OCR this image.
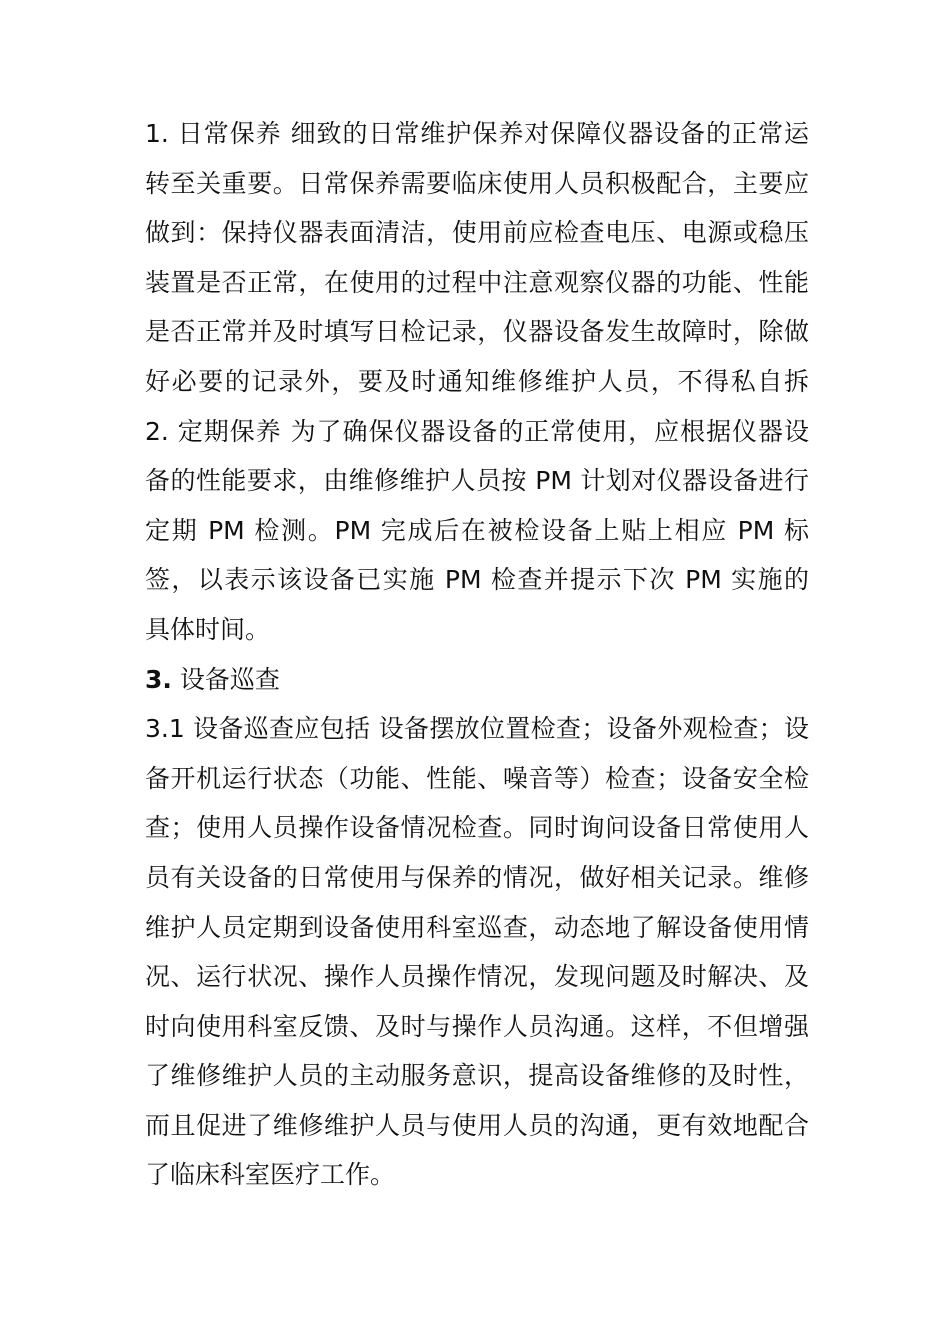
1. 日常保养 细致的日常维护保养对保障仪器设备的正常运
转至关重要。日常保养需要临床使用人员积极配合，主要应
做到：保持仪器表面清洁，使用前应检查电压、电源或稳压
装置是否正常，在使用的过程中注意观察仪器的功能、性能
是否正常并及时填写日检记录，仪器设备发生故障时，除做
好必要的记录外，要及时通知维修维护人员，不得私自拆
2. 定期保养 为了确保仪器设备的正常使用，应根据仪器设
备的性能要求，由维修维护人员按 PM 计划对仪器设备进行
定期 PM 检测。PM 完成后在被检设备上贴上相应 PM 标
签，以表示该设备已实施 PM 检查并提示下次 PM 实施的
具体时间。
3. 设备巡查
3.1 设备巡查应包括 设备摆放位置检查；设备外观检查；设
备开机运行状态（功能、性能、噪音等）检查；设备安全检
查；使用人员操作设备情况检查。同时询问设备日常使用人
员有关设备的日常使用与保养的情况，做好相关记录。维修
维护人员定期到设备使用科室巡查，动态地了解设备使用情
况、运行状况、操作人员操作情况，发现问题及时解决、及
时向使用科室反馈、及时与操作人员沟通。这样，不但增强
了维修维护人员的主动服务意识，提高设备维修的及时性，
而且促进了维修维护人员与使用人员的沟通，更有效地配合
了临床科室医疗工作。
